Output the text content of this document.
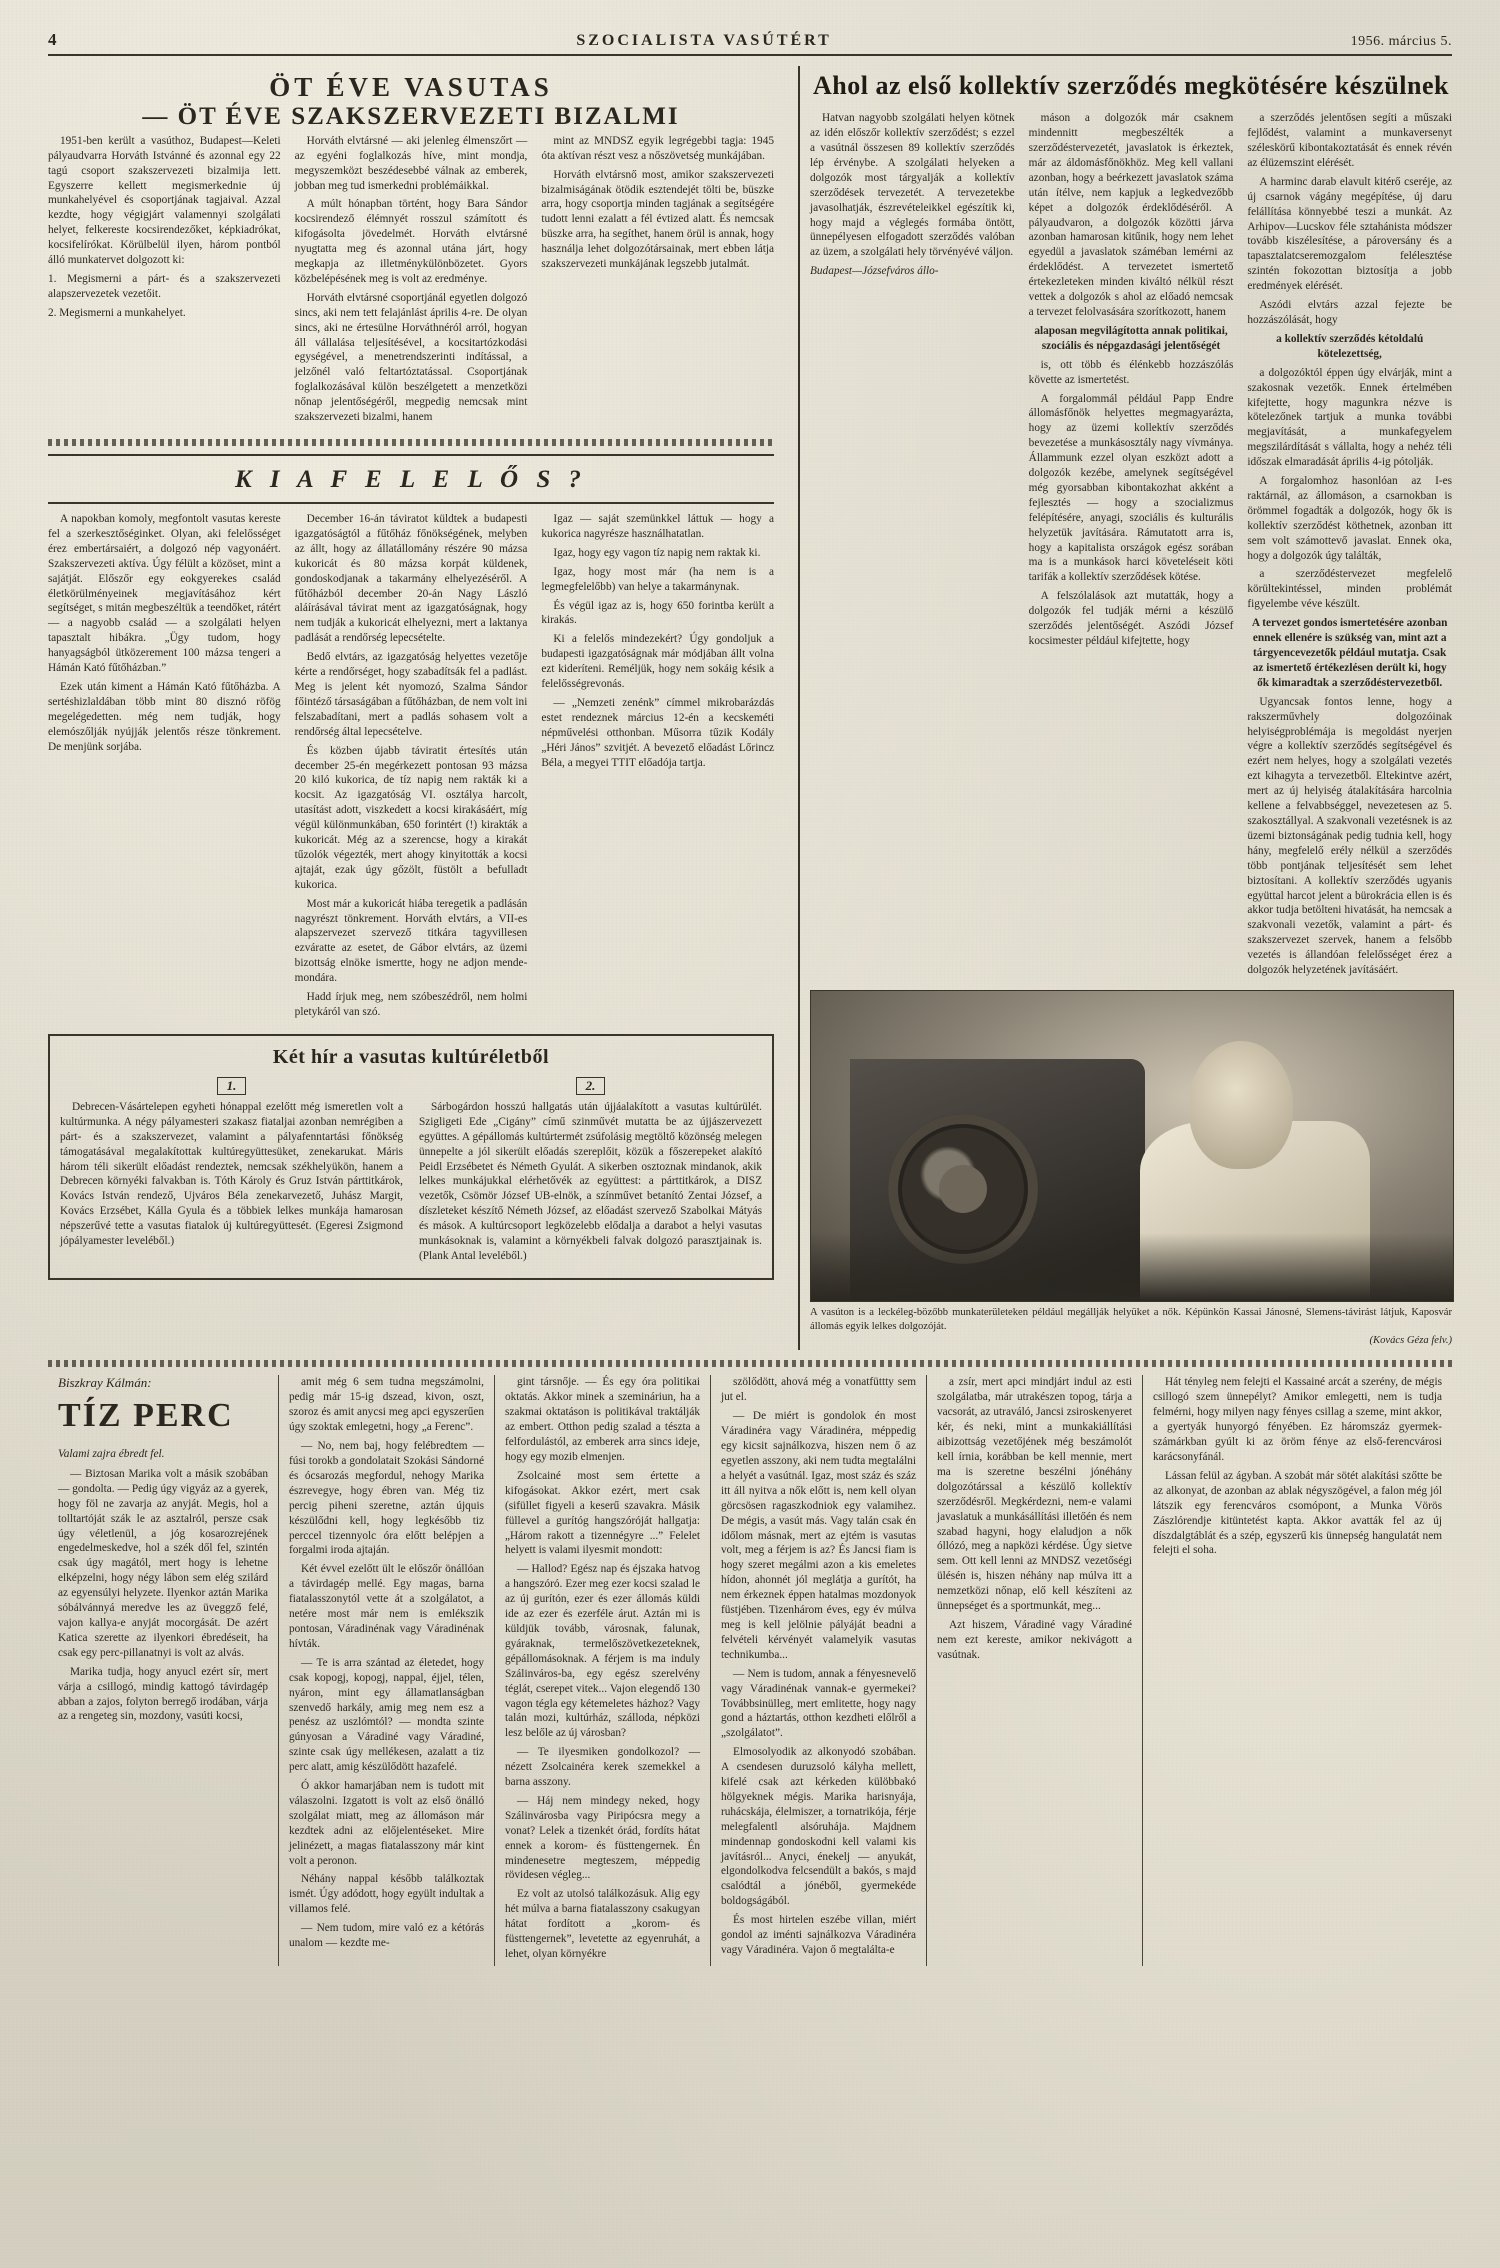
4	SZOCIALISTA VASÚTÉRT	1956. március 5.
ÖT ÉVE VASUTAS
— ÖT ÉVE SZAKSZERVEZETI BIZALMI

1951-ben került a vasúthoz, Budapest—Keleti pályaudvarra Horváth Istvánné és azonnal egy 22 tagú csoport szakszervezeti bizalmija lett. Egyszerre kellett megismerkednie új munkahelyével és csoportjának tagjaival. Azzal kezdte, hogy végigjárt valamennyi szolgálati helyet, felkereste kocsirendezőket, képkiadrókat, kocsifelírókat. Körülbelül ilyen, három pontból álló munkatervet dolgozott ki:

1. Megismerni a párt- és a szakszervezeti alapszervezetek vezetőit.

2. Megismerni a munkahelyet.

Horváth elvtársné — aki jelenleg élmenszőrt — az egyéni foglalkozás híve, mint mondja, megyszemközt beszédesebbé válnak az emberek, jobban meg tud ismerkedni problémáikkal.

A múlt hónapban történt, hogy Bara Sándor kocsirendező élémnyét rosszul számított és kifogásolta jövedelmét. Horváth elvtársné nyugtatta meg és azonnal utána járt, hogy megkapja az illetménykülönbözetet. Gyors közbelépésének meg is volt az eredménye.

Horváth elvtársné csoportjánál egyetlen dolgozó sincs, aki nem tett felajánlást április 4-re. De olyan sincs, aki ne értesülne Horváthnéról arról, hogyan áll vállalása teljesítésével, a kocsitartózkodási egységével, a menetrendszerinti indítással, a jelzőnél való feltartóztatással. Csoportjának foglalkozásával külön beszélgetett a menzetközi nőnap jelentőségéről, megpedig nemcsak mint szakszervezeti bizalmi, hanem

mint az MNDSZ egyik legrégebbi tagja: 1945 óta aktívan részt vesz a nőszövetség munkájában.

Horváth elvtársnő most, amikor szakszervezeti bizalmiságának ötödik esztendejét tölti be, büszke arra, hogy csoportja minden tagjának a segítségére tudott lenni ezalatt a fél évtized alatt. És nemcsak büszke arra, ha segíthet, hanem örül is annak, hogy használja lehet dolgozótársainak, mert ebben látja szakszervezeti munkájának legszebb jutalmát.

K I A F E L E L Ő S ?

A napokban komoly, megfontolt vasutas kereste fel a szerkesztőséginket. Olyan, aki felelősséget érez embertársaiért, a dolgozó nép vagyonáért. Szakszervezeti aktíva. Úgy félült a közöset, mint a sajátját. Előszőr egy eokgyerekes család életkörülményeinek megjavításához kért segítséget, s mitán megbeszéltük a teendőket, rátért — a nagyobb család — a szolgálati helyen tapasztalt hibákra. „Ügy tudom, hogy hanyagságból ütközerement 100 mázsa tengeri a Hámán Kató fűtőházban.”

Ezek után kiment a Hámán Kató fűtőházba. A sertéshizlaldában több mint 80 disznó röfög megelégedetten. még nem tudják, hogy elemószőlják nyújják jelentős része tönkrement. De menjünk sorjába.

December 16-án táviratot küldtek a budapesti igazgatóságtól a fűtőház főnökségének, melyben az állt, hogy az állatállomány részére 90 mázsa kukoricát és 80 mázsa korpát küldenek, gondoskodjanak a takarmány elhelyezéséről. A fűtőházból december 20-án Nagy László aláírásával távirat ment az igazgatóságnak, hogy nem tudják a kukoricát elhelyezni, mert a laktanya padlását a rendőrség lepecsételte.

Bedő elvtárs, az igazgatóság helyettes vezetője kérte a rendőrséget, hogy szabadítsák fel a padlást. Meg is jelent két nyomozó, Szalma Sándor főintéző társaságában a fűtőházban, de nem volt ini felszabadítani, mert a padlás sohasem volt a rendőrség által lepecsételve.

És közben újabb táviratit értesítés után december 25-én megérkezett pontosan 93 mázsa 20 kiló kukorica, de tíz napig nem rakták ki a kocsit. Az igazgatóság VI. osztálya harcolt, utasítást adott, viszkedett a kocsi kirakásáért, míg végül különmunkában, 650 forintért (!) kirakták a kukoricát. Még az a szerencse, hogy a kirakát tűzolók végezték, mert ahogy kinyitották a kocsi ajtaját, ezak úgy gőzölt, füstölt a befulladt kukorica.

Most már a kukoricát hiába teregetik a padlásán nagyrészt tönkrement. Horváth elvtárs, a VII-es alapszervezet szervező titkára tagyvillesen ezváratte az esetet, de Gábor elvtárs, az üzemi bizottság elnöke ismertte, hogy ne adjon mende-mondára.

Hadd írjuk meg, nem szóbeszédről, nem holmi pletykáról van szó.

Igaz — saját szemünkkel láttuk — hogy a kukorica nagyrésze használhatatlan.

Igaz, hogy egy vagon tíz napig nem raktak ki.

Igaz, hogy most már (ha nem is a legmegfelelőbb) van helye a takarmánynak.

És végül igaz az is, hogy 650 forintba került a kirakás.

Ki a felelős mindezekért? Úgy gondoljuk a budapesti igazgatóságnak már módjában állt volna ezt kideríteni. Reméljük, hogy nem sokáig késik a felelősségrevonás.

— „Nemzeti zenénk” címmel mikrobarázdás estet rendeznek március 12-én a kecskeméti népművelési otthonban. Műsorra tűzik Kodály „Héri János” szvitjét. A bevezető előadást Lőrincz Béla, a megyei TTIT előadója tartja.

Két hír a vasutas kultúréletből
1.	2.

Debrecen-Vásártelepen egyheti hónappal ezelőtt még ismeretlen volt a kultúrmunka. A négy pályamesteri szakasz fiataljai azonban nemrégiben a párt- és a szakszervezet, valamint a pályafenntartási főnökség támogatásával megalakítottak kultúregyüttesüket, zenekarukat. Máris három téli sikerült előadást rendeztek, nemcsak székhelyükön, hanem a Debrecen környéki falvakban is. Tóth Károly és Gruz István párttitkárok, Kovács István rendező, Ujváros Béla zenekarvezető, Juhász Margit, Kovács Erzsébet, Kálla Gyula és a többiek lelkes munkája hamarosan népszerűvé tette a vasutas fiatalok új kultúregyüttesét. (Egeresi Zsigmond jópályamester leveléből.)

Sárbogárdon hosszú hallgatás után újjáalakított a vasutas kultúrülét. Szigligeti Ede „Cigány” című szinművét mutatta be az újjászervezett együttes. A gépállomás kultúrtermét zsúfolásig megtöltő közönség melegen ünnepelte a jól sikerült előadás szereplőit, közük a főszerepeket alakító Peidl Erzsébetet és Németh Gyulát. A sikerben osztoznak mindanok, akik lelkes munkájukkal elérhetővék az együttest: a párttitkárok, a DISZ vezetők, Csömör József UB-elnök, a színművet betanító Zentai József, a díszleteket készítő Németh József, az előadást szervező Szabolkai Mátyás és mások. A kultúrcsoport legközelebb elődalja a darabot a helyi vasutas munkásoknak is, valamint a környékbeli falvak dolgozó parasztjainak is. (Plank Antal leveléből.)

Ahol az első kollektív szerződés megkötésére készülnek

Hatvan nagyobb szolgálati helyen kötnek az idén előszőr kollektív szerződést; s ezzel a vasútnál összesen 89 kollektív szerződés lép érvénybe. A szolgálati helyeken a dolgozók most tárgyalják a kollektív szerződések tervezetét. A tervezetekbe javasolhatják, észrevételeikkel egészítik ki, hogy majd a véglegés formába öntött, ünnepélyesen elfogadott szerződés valóban az üzem, a szolgálati hely törvényévé váljon.

Budapest—Józsefváros állo-

máson a dolgozók már csaknem mindennitt megbeszélték a szerződéstervezetét, javaslatok is érkeztek, már az áldomásfőnökhöz. Meg kell vallani azonban, hogy a beérkezett javaslatok száma után ítélve, nem kapjuk a legkedvezőbb képet a dolgozók érdeklődéséről. A pályaudvaron, a dolgozók közötti járva azonban hamarosan kitűnik, hogy nem lehet egyedül a javaslatok száméban lemérni az érdeklődést. A tervezetet ismertető értekezleteken minden kiváltó nélkül részt vettek a dolgozók s ahol az előadó nemcsak a tervezet felolvasására szorítkozott, hanem

alaposan megvilágította annak politikai, szociális és népgazdasági jelentőségét

is, ott több és élénkebb hozzászólás követte az ismertetést.

A forgalommál például Papp Endre állomásfőnök helyettes megmagyarázta, hogy az üzemi kollektív szerződés bevezetése a munkásosztály nagy vívmánya. Állammunk ezzel olyan eszközt adott a dolgozók kezébe, amelynek segítségével még gyorsabban kibontakozhat akként a fejlesztés — hogy a szocializmus felépítésére, anyagi, szociális és kulturális helyzetük javítására. Rámutatott arra is, hogy a kapitalista országok egész sorában ma is a munkások harci követeléseit köti tarifák a kollektív szerződések kötése.

A felszólalások azt mutatták, hogy a dolgozók fel tudják mérni a készülő szerződés jelentőségét. Aszódi József kocsimester például kifejtette, hogy

a szerződés jelentősen segíti a műszaki fejlődést, valamint a munkaversenyt széleskörű kibontakoztatását és ennek révén az élüzemszint elérését.

A harminc darab elavult kitérő cseréje, az új csarnok vágány megépítése, új daru felállítása könnyebbé teszi a munkát. Az Arhipov—Lucskov féle sztahánista módszer tovább kiszélesítése, a pároversány és a tapasztalatcseremozgalom felélesztése szintén fokozottan biztosítja a jobb eredmények elérését.

Aszódi elvtárs azzal fejezte be hozzászólását, hogy

a kollektív szerződés kétoldalú kötelezettség,

a dolgozóktól éppen úgy elvárják, mint a szakosnak vezetők. Ennek értelmében kifejtette, hogy magunkra nézve is kötelezőnek tartjuk a munka további megjavítását, a munkafegyelem megszilárdítását s vállalta, hogy a nehéz téli időszak elmaradását április 4-ig pótolják.

A forgalomhoz hasonlóan az I-es raktárnál, az állomáson, a csarnokban is örömmel fogadták a dolgozók, hogy ők is kollektív szerződést köthetnek, azonban itt sem volt számottevő javaslat. Ennek oka, hogy a dolgozók úgy találták,

a szerződéstervezet megfelelő körültekintéssel, minden problémát figyelembe véve készült.

A tervezet gondos ismertetésére azonban ennek ellenére is szükség van, mint azt a tárgyencevezetők például mutatja. Csak az ismertető értékezlésen derült ki, hogy ők kimaradtak a szerződéstervezetből.

Ugyancsak fontos lenne, hogy a rakszerművhely dolgozóinak helyiségproblémája is megoldást nyerjen végre a kollektív szerződés segítségével és ezért nem helyes, hogy a szolgálati vezetés ezt kihagyta a tervezetből. Eltekintve azért, mert az új helyiség átalakítására harcolnia kellene a felvabbséggel, nevezetesen az 5. szakosztállyal. A szakvonali vezetésnek is az üzemi biztonságának pedig tudnia kell, hogy hány, megfelelő erély nélkül a szerződés több pontjának teljesítését sem lehet biztosítani. A kollektív szerződés ugyanis együttal harcot jelent a bürokrácia ellen is és akkor tudja betölteni hivatását, ha nemcsak a szakvonali vezetők, valamint a párt- és szakszervezet szervek, hanem a felsőbb vezetés is állandóan felelősséget érez a dolgozók helyzetének javításáért.

A vasúton is a leckéleg-bözőbb munkaterületeken például megállják helyüket a nők. Képünkön Kassai Jánosné, Slemens-távirást látjuk, Kaposvár állomás egyik lelkes dolgozóját.
(Kovács Géza felv.)
Biszkray Kálmán:
TÍZ PERC

Valami zajra ébredt fel.

— Biztosan Marika volt a másik szobában — gondolta. — Pedig úgy vigyáz az a gyerek, hogy föl ne zavarja az anyját. Megis, hol a tolltartóját szák le az asztalról, persze csak úgy véletlenül, a jóg kosarozrejének engedelmeskedve, hol a szék dől fel, szintén csak úgy magától, mert hogy is lehetne elképzelni, hogy négy lábon sem elég szilárd az egyensúlyi helyzete. Ilyenkor aztán Marika sóbálvánnyá meredve les az üveggző felé, vajon kallya-e anyját mocorgását. De azért Katica szerette az ilyenkori ébredéseit, ha csak egy perc-pillanatnyi is volt az alvás.

Marika tudja, hogy anyucl ezért sír, mert várja a csillogó, mindig kattogó távirdagép abban a zajos, folyton berregő irodában, várja az a rengeteg sin, mozdony, vasúti kocsi,

amit még 6 sem tudna megszámolni, pedig már 15-ig dszead, kivon, oszt, szoroz és amit anycsi meg apci egyszerűen úgy szoktak emlegetni, hogy „a Ferenc”.

— No, nem baj, hogy felébredtem — fúsi torokb a gondolatait Szokási Sándorné és ócsarozás megfordul, nehogy Marika észrevegye, hogy ébren van. Még tiz percig piheni szeretne, aztán újquis készülődni kell, hogy legkésőbb tiz perccel tizennyolc óra előtt belépjen a forgalmi iroda ajtaján.

Két évvel ezelőtt ült le előszőr önállóan a távirdagép mellé. Egy magas, barna fiatalasszonytól vette át a szolgálatot, a netére most már nem is emlékszik pontosan, Váradinénak vagy Váradinénak hívták.

— Te is arra szántad az életedet, hogy csak kopogj, kopogj, nappal, éjjel, télen, nyáron, mint egy államatlanságban szenvedő harkály, amig meg nem esz a penész az uszlómtól? — mondta szinte gúnyosan a Váradiné vagy Váradiné, szinte csak úgy mellékesen, azalatt a tiz perc alatt, amig készülődött hazafelé.

Ó akkor hamarjában nem is tudott mit válaszolni. Izgatott is volt az első önálló szolgálat miatt, meg az állomáson már kezdtek adni az előjelentéseket. Mire jelinézett, a magas fiatalasszony már kint volt a peronon.

Néhány nappal később találkoztak ismét. Úgy adódott, hogy egyült indultak a villamos felé.

— Nem tudom, mire való ez a kétórás unalom — kezdte me-

gint társnője. — És egy óra politikai oktatás. Akkor minek a szemináriun, ha a szakmai oktatáson is politikával traktálják az embert. Otthon pedig szalad a tészta a felfordulástól, az emberek arra sincs ideje, hogy egy mozib elmenjen.

Zsolcainé most sem értette a kifogásokat. Akkor ezért, mert csak (sifüllet figyeli a keserű szavakra. Másik füllevel a gurítóg hangszóróját hallgatja: „Három rakott a tizennégyre ...” Felelet helyett is valami ilyesmit mondott:

— Hallod? Egész nap és éjszaka hatvog a hangszóró. Ezer meg ezer kocsi szalad le az új gurítón, ezer és ezer állomás küldi ide az ezer és ezerféle árut. Aztán mi is küldjük tovább, városnak, falunak, gyáraknak, termelőszövetkezeteknek, gépállomásoknak. A férjem is ma induly Szálinváros-ba, egy egész szerelvény téglát, cserepet vitek... Vajon elegendő 130 vagon tégla egy kétemeletes házhoz? Vagy talán mozi, kultúrház, szálloda, népközi lesz belőle az új városban?

— Te ilyesmiken gondolkozol? — nézett Zsolcainéra kerek szemekkel a barna asszony.

— Háj nem mindegy neked, hogy Szálinvárosba vagy Piripócsra megy a vonat? Lelek a tizenkét órád, fordíts hátat ennek a korom- és füsttengernek. Én mindenesetre megteszem, méppedig rövidesen végleg...

Ez volt az utolsó találkozásuk. Alig egy hét múlva a barna fiatalasszony csakugyan hátat fordított a „korom- és füsttengernek”, levetette az egyenruhát, a lehet, olyan környékre

szölődött, ahová még a vonatfüttty sem jut el.

— De miért is gondolok én most Váradinéra vagy Váradinéra, méppedig egy kicsit sajnálkozva, hiszen nem ő az egyetlen asszony, aki nem tudta megtalálni a helyét a vasútnál. Igaz, most száz és száz itt áll nyitva a nők előtt is, nem kell olyan görcsösen ragaszkodniok egy valamihez. De mégis, a vasút más. Vagy talán csak én időlom másnak, mert az ejtém is vasutas volt, meg a férjem is az? És Jancsi fiam is hogy szeret megálmi azon a kis emeletes hídon, ahonnét jól meglátja a gurítót, ha nem érkeznek éppen hatalmas mozdonyok füstjében. Tizenhárom éves, egy év múlva meg is kell jelölnie pályáját beadni a felvételi kérvényét valamelyik vasutas technikumba...

— Nem is tudom, annak a fényesnevelő vagy Váradinénak vannak-e gyermekei? Továbbsinülleg, mert emlitette, hogy nagy gond a háztartás, otthon kezdheti előlről a „szolgálatot”.

Elmosolyodik az alkonyodó szobában. A csendesen duruzsoló kályha mellett, kifelé csak azt kérkeden külöbbakó hölgyeknek mégis. Marika harisnyája, ruhácskája, élelmiszer, a tornatrikója, férje melegfalentl alsóruhája. Majdnem mindennap gondoskodni kell valami kis javításról... Anyci, énekelj — anyukát, elgondolkodva felcsendült a bakós, s majd csalódtál a jónéből, gyermekéde boldogságából.

És most hirtelen eszébe villan, miért gondol az iménti sajnálkozva Váradinéra vagy Váradinéra. Vajon ő megtalálta-e

a zsír, mert apci mindjárt indul az esti szolgálatba, már utrakészen topog, tárja a vacsorát, az utraváló, Jancsi zsiroskenyeret kér, és neki, mint a munkakiállítási aibizottság vezetőjének még beszámolót kell írnia, korábban be kell mennie, mert ma is szeretne beszélni jónéhány dolgozótárssal a készülő kollektív szerződésről. Megkérdezni, nem-e valami javaslatuk a munkásállítási illetőén és nem szabad hagyni, hogy elaludjon a nők óllózó, meg a napközi kérdése. Úgy sietve sem. Ott kell lenni az MNDSZ vezetőségi ülésén is, hiszen néhány nap múlva itt a nemzetközi nőnap, elő kell készíteni az ünnepséget és a sportmunkát, meg...

Azt hiszem, Váradiné vagy Váradiné nem ezt kereste, amikor nekivágott a vasútnak.

Hát tényleg nem felejti el Kassainé arcát a szerény, de mégis csillogó szem ünnepélyt? Amikor emlegetti, nem is tudja felmérni, hogy milyen nagy fényes csillag a szeme, mint akkor, a gyertyák hunyorgó fényében. Ez háromszáz gyermek-számárkban gyúlt ki az öröm fénye az első-ferencvárosi karácsonyfánál.

Lássan felül az ágyban. A szobát már sötét alakítási szőtte be az alkonyat, de azonban az ablak négyszögével, a falon még jól látszik egy ferencváros csomópont, a Munka Vörös Zászlórendje kitüntetést kapta. Akkor avatták fel az új díszdalgtáblát és a szép, egyszerű kis ünnepség hangulatát nem felejti el soha.
